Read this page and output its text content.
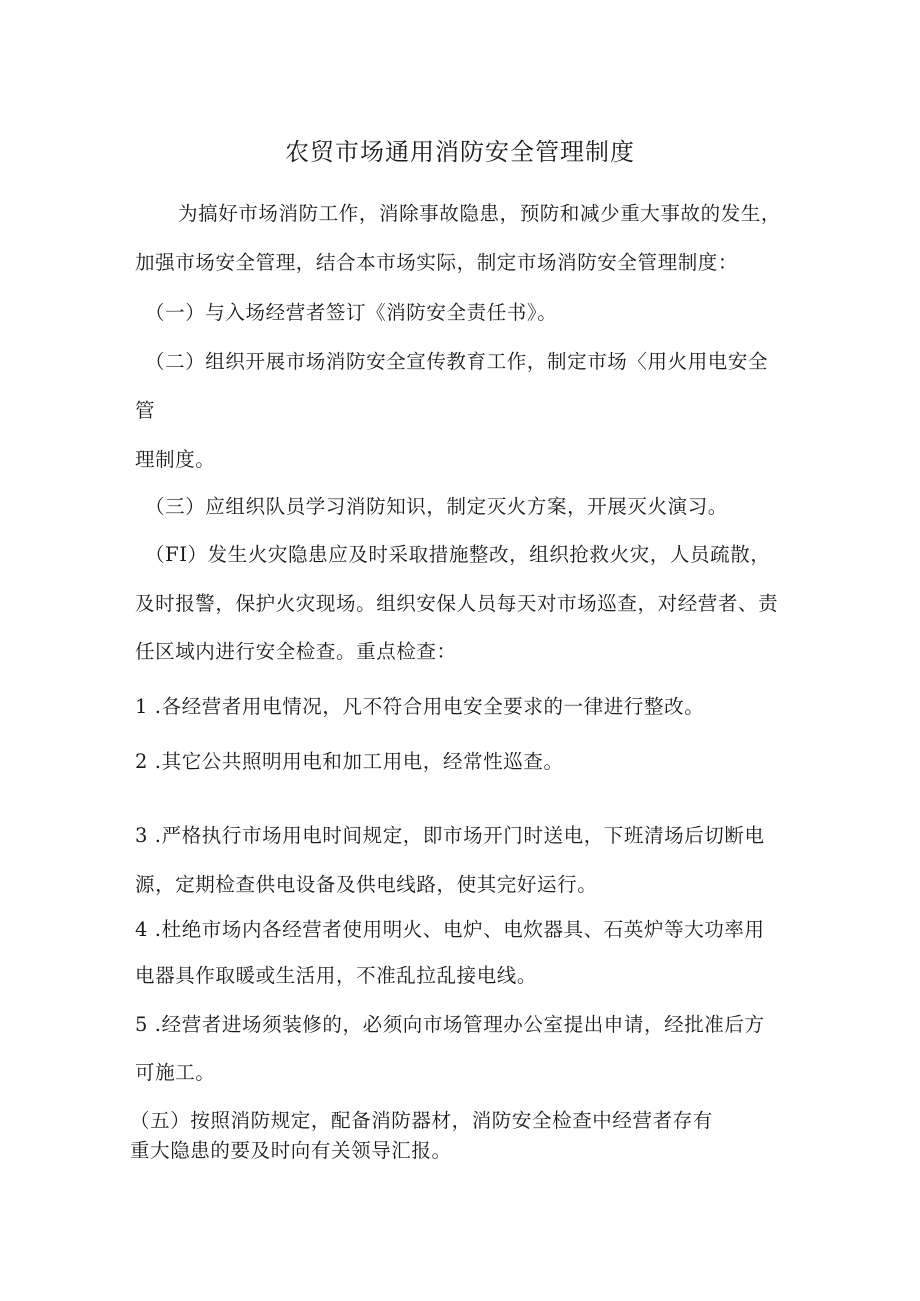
农贸市场通用消防安全管理制度
为搞好市场消防工作，消除事故隐患，预防和减少重大事故的发生，
加强市场安全管理，结合本市场实际，制定市场消防安全管理制度：
（一）与入场经营者签订《消防安全责任书》。
（二）组织开展市场消防安全宣传教育工作，制定市场〈用火用电安全
管
理制度。
（三）应组织队员学习消防知识，制定灭火方案，开展灭火演习。
（FI）发生火灾隐患应及时采取措施整改，组织抢救火灾，人员疏散，
及时报警，保护火灾现场。组织安保人员每天对市场巡查，对经营者、责
任区域内进行安全检查。重点检查：
1 .各经营者用电情况，凡不符合用电安全要求的一律进行整改。
2 .其它公共照明用电和加工用电，经常性巡查。
3 .严格执行市场用电时间规定，即市场开门时送电，下班清场后切断电
源，定期检查供电设备及供电线路，使其完好运行。
4 .杜绝市场内各经营者使用明火、电炉、电炊器具、石英炉等大功率用
电器具作取暖或生活用，不准乱拉乱接电线。
5 .经营者进场须装修的，必须向市场管理办公室提出申请，经批准后方
可施工。
（五）按照消防规定，配备消防器材，消防安全检查中经营者存有
重大隐患的要及时向有关领导汇报。
